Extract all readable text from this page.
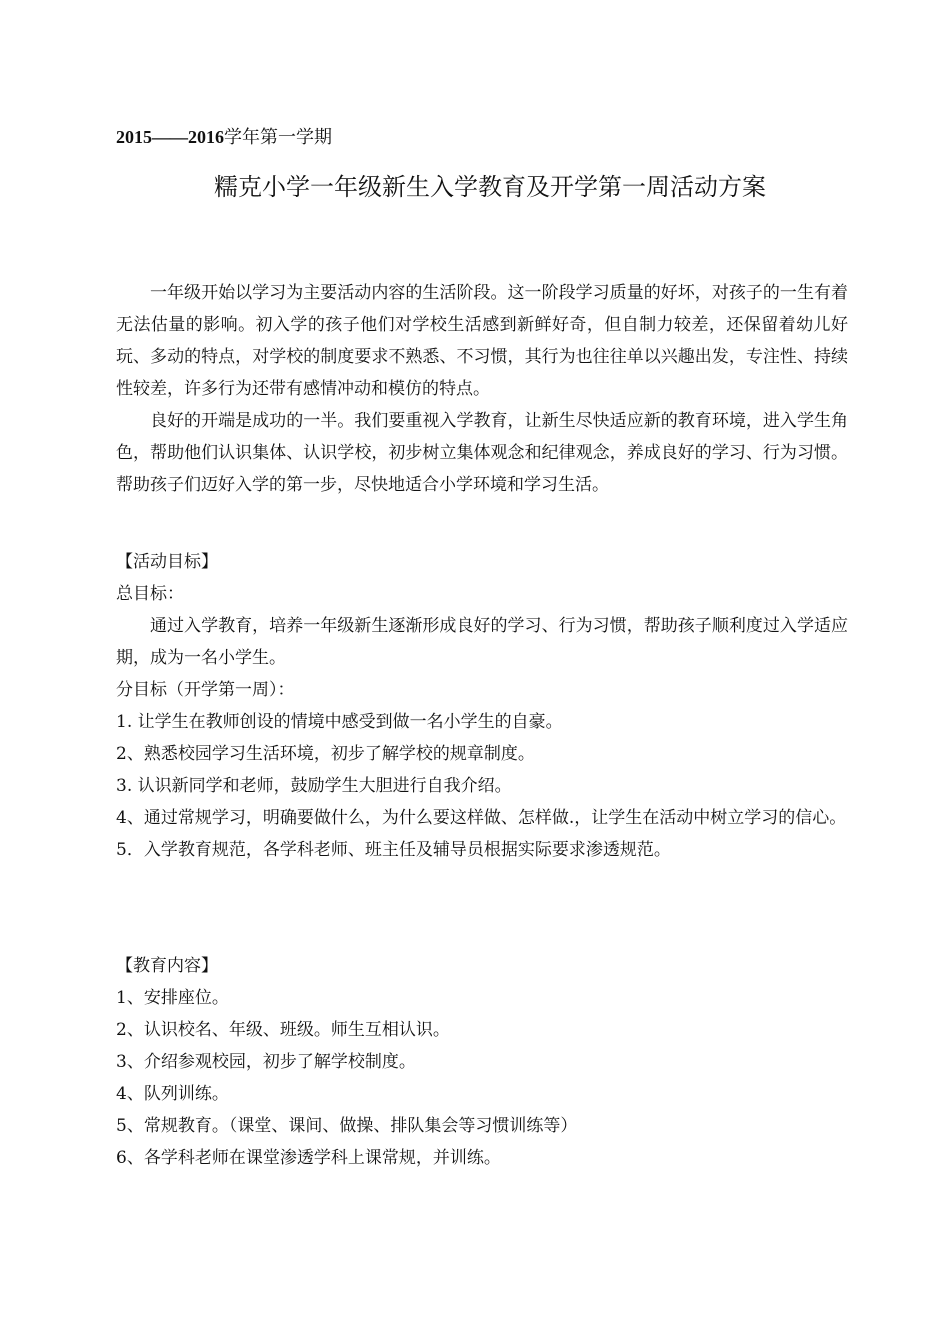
2015——2016学年第一学期
糯克小学一年级新生入学教育及开学第一周活动方案

一年级开始以学习为主要活动内容的生活阶段。这一阶段学习质量的好坏，对孩子的一生有着无法估量的影响。初入学的孩子他们对学校生活感到新鲜好奇，但自制力较差，还保留着幼儿好玩、多动的特点，对学校的制度要求不熟悉、不习惯，其行为也往往单以兴趣出发，专注性、持续性较差，许多行为还带有感情冲动和模仿的特点。

良好的开端是成功的一半。我们要重视入学教育，让新生尽快适应新的教育环境，进入学生角色，帮助他们认识集体、认识学校，初步树立集体观念和纪律观念，养成良好的学习、行为习惯。帮助孩子们迈好入学的第一步，尽快地适合小学环境和学习生活。

【活动目标】

总目标：

通过入学教育，培养一年级新生逐渐形成良好的学习、行为习惯，帮助孩子顺利度过入学适应期，成为一名小学生。

分目标（开学第一周）：

1. 让学生在教师创设的情境中感受到做一名小学生的自豪。

2、熟悉校园学习生活环境，初步了解学校的规章制度。

3. 认识新同学和老师，鼓励学生大胆进行自我介绍。

4、通过常规学习，明确要做什么，为什么要这样做、怎样做.，让学生在活动中树立学习的信心。

5．入学教育规范，各学科老师、班主任及辅导员根据实际要求渗透规范。

【教育内容】

1、安排座位。

2、认识校名、年级、班级。师生互相认识。

3、介绍参观校园，初步了解学校制度。

4、队列训练。

5、常规教育。（课堂、课间、做操、排队集会等习惯训练等）

6、各学科老师在课堂渗透学科上课常规，并训练。
